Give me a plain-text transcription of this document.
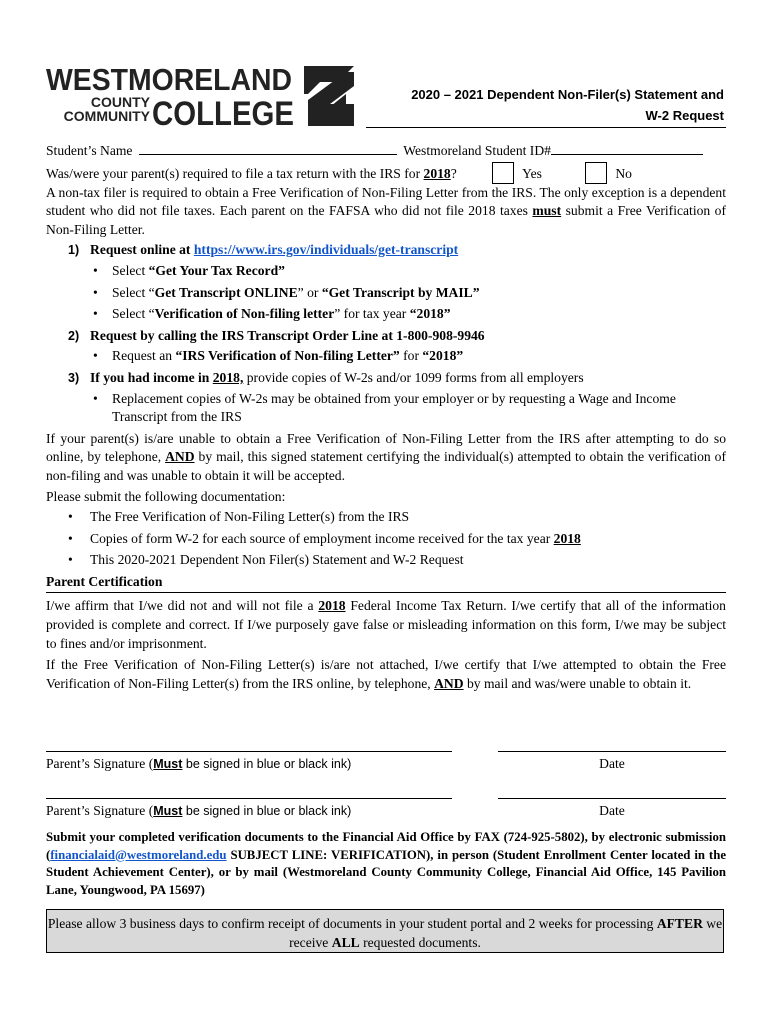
WESTMORELAND
COUNTY
COMMUNITY COLLEGE
2020 – 2021 Dependent Non-Filer(s) Statement and
W-2 Request
Student’s Name	Westmoreland Student ID#
Was/were your parent(s) required to file a tax return with the IRS for 2018?	Yes	No

A non-tax filer is required to obtain a Free Verification of Non-Filing Letter from the IRS. The only exception is a dependent student who did not file taxes. Each parent on the FAFSA who did not file 2018 taxes must submit a Free Verification of Non-Filing Letter.

1) Request online at https://www.irs.gov/individuals/get-transcript
• Select “Get Your Tax Record”
• Select “Get Transcript ONLINE” or “Get Transcript by MAIL”
• Select “Verification of Non-filing letter” for tax year “2018”
2) Request by calling the IRS Transcript Order Line at 1-800-908-9946
• Request an “IRS Verification of Non-filing Letter” for “2018”
3) If you had income in 2018, provide copies of W-2s and/or 1099 forms from all employers
• Replacement copies of W-2s may be obtained from your employer or by requesting a Wage and Income Transcript from the IRS

If your parent(s) is/are unable to obtain a Free Verification of Non-Filing Letter from the IRS after attempting to do so online, by telephone, AND by mail, this signed statement certifying the individual(s) attempted to obtain the verification of non-filing and was unable to obtain it will be accepted.

Please submit the following documentation:

• The Free Verification of Non-Filing Letter(s) from the IRS
• Copies of form W-2 for each source of employment income received for the tax year 2018
• This 2020-2021 Dependent Non Filer(s) Statement and W-2 Request
Parent Certification

I/we affirm that I/we did not and will not file a 2018 Federal Income Tax Return. I/we certify that all of the information provided is complete and correct. If I/we purposely gave false or misleading information on this form, I/we may be subject to fines and/or imprisonment.

If the Free Verification of Non-Filing Letter(s) is/are not attached, I/we certify that I/we attempted to obtain the Free Verification of Non-Filing Letter(s) from the IRS online, by telephone, AND by mail and was/were unable to obtain it.

Parent’s Signature (Must be signed in blue or black ink)	Date
Parent’s Signature (Must be signed in blue or black ink)	Date
Submit your completed verification documents to the Financial Aid Office by FAX (724-925-5802), by electronic submission (financialaid@westmoreland.edu SUBJECT LINE: VERIFICATION), in person (Student Enrollment Center located in the Student Achievement Center), or by mail (Westmoreland County Community College, Financial Aid Office, 145 Pavilion Lane, Youngwood, PA 15697)
Please allow 3 business days to confirm receipt of documents in your student portal and 2 weeks for processing AFTER we receive ALL requested documents.
